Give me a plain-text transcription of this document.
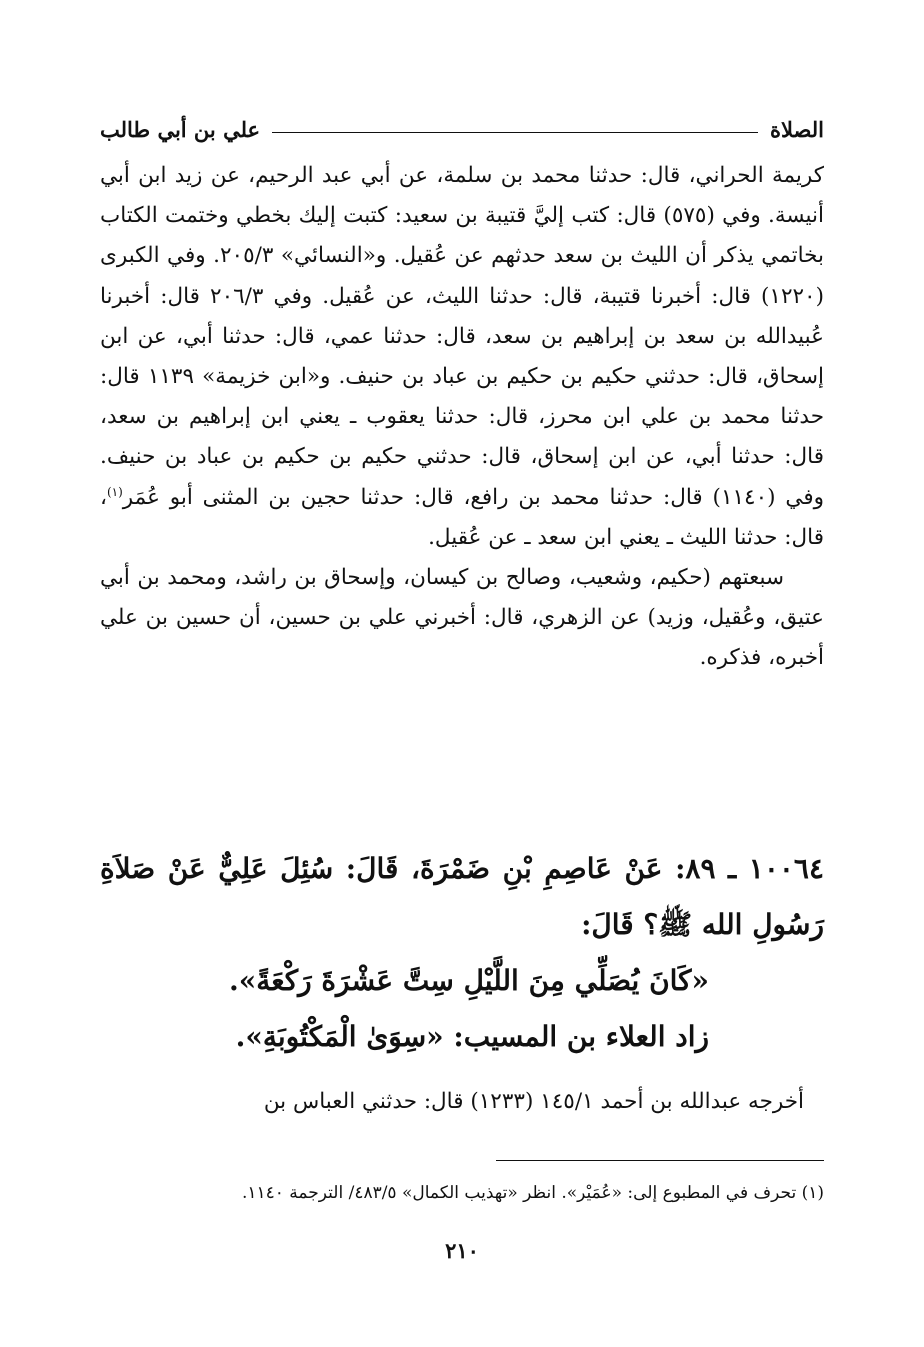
الصلاة
علي بن أبي طالب

كريمة الحراني، قال: حدثنا محمد بن سلمة، عن أبي عبد الرحيم، عن زيد ابن أبي أنيسة. وفي (٥٧٥) قال: كتب إليَّ قتيبة بن سعيد: كتبت إليك بخطي وختمت الكتاب بخاتمي يذكر أن الليث بن سعد حدثهم عن عُقيل. و«النسائي» ٢٠٥/٣. وفي الكبرى (١٢٢٠) قال: أخبرنا قتيبة، قال: حدثنا الليث، عن عُقيل. وفي ٢٠٦/٣ قال: أخبرنا عُبيدالله بن سعد بن إبراهيم بن سعد، قال: حدثنا عمي، قال: حدثنا أبي، عن ابن إسحاق، قال: حدثني حكيم بن حكيم بن عباد بن حنيف. و«ابن خزيمة» ١١٣٩ قال: حدثنا محمد بن علي ابن محرز، قال: حدثنا يعقوب ـ يعني ابن إبراهيم بن سعد، قال: حدثنا أبي، عن ابن إسحاق، قال: حدثني حكيم بن حكيم بن عباد بن حنيف. وفي (١١٤٠) قال: حدثنا محمد بن رافع، قال: حدثنا حجين بن المثنى أبو عُمَر$^{(١)}$، قال: حدثنا الليث ـ يعني ابن سعد ـ عن عُقيل.

سبعتهم (حكيم، وشعيب، وصالح بن كيسان، وإسحاق بن راشد، ومحمد بن أبي عتيق، وعُقيل، وزيد) عن الزهري، قال: أخبرني علي بن حسين، أن حسين بن علي أخبره، فذكره.

١٠٠٦٤ ـ ٨٩: عَنْ عَاصِمِ بْنِ ضَمْرَةَ، قَالَ: سُئِلَ عَلِيٌّ عَنْ صَلاَةِ رَسُولِ الله ﷺ؟ قَالَ:

«كَانَ يُصَلِّي مِنَ اللَّيْلِ سِتَّ عَشْرَةَ رَكْعَةً».

زاد العلاء بن المسيب: «سِوَىٰ الْمَكْتُوبَةِ».

أخرجه عبدالله بن أحمد ١٤٥/١ (١٢٣٣) قال: حدثني العباس بن

(١) تحرف في المطبوع إلى: «عُمَيْر». انظر «تهذيب الكمال» ٤٨٣/٥/ الترجمة ١١٤٠.
٢١٠
